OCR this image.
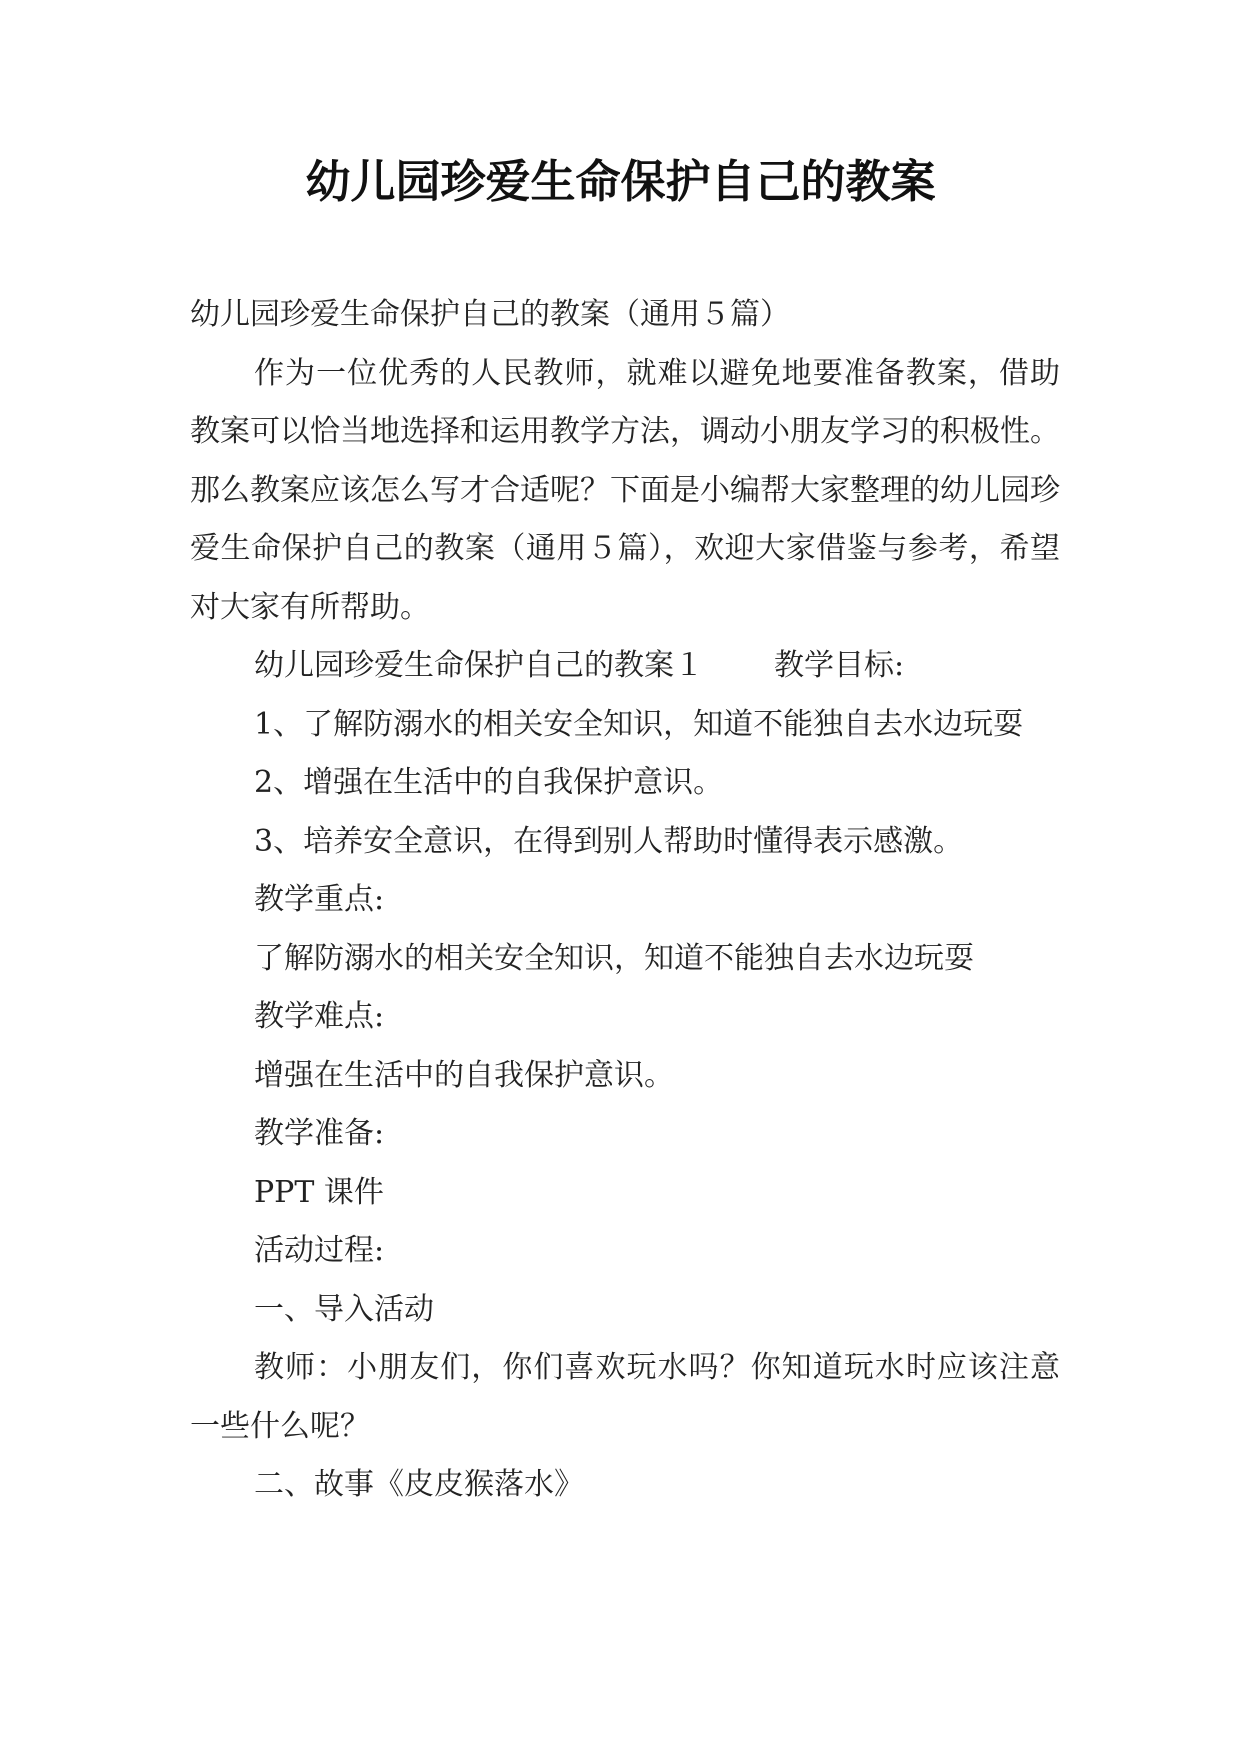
幼儿园珍爱生命保护自己的教案

幼儿园珍爱生命保护自己的教案（通用５篇）

作为一位优秀的人民教师，就难以避免地要准备教案，借助教案可以恰当地选择和运用教学方法，调动小朋友学习的积极性。那么教案应该怎么写才合适呢？下面是小编帮大家整理的幼儿园珍爱生命保护自己的教案（通用５篇），欢迎大家借鉴与参考，希望对大家有所帮助。

幼儿园珍爱生命保护自己的教案１ 教学目标:

1、了解防溺水的相关安全知识，知道不能独自去水边玩耍

2、增强在生活中的自我保护意识。

3、培养安全意识，在得到别人帮助时懂得表示感激。

教学重点:

了解防溺水的相关安全知识，知道不能独自去水边玩耍

教学难点:

增强在生活中的自我保护意识。

教学准备:

PPT 课件

活动过程:

一、导入活动

教师：小朋友们，你们喜欢玩水吗？你知道玩水时应该注意一些什么呢？

二、故事《皮皮猴落水》
